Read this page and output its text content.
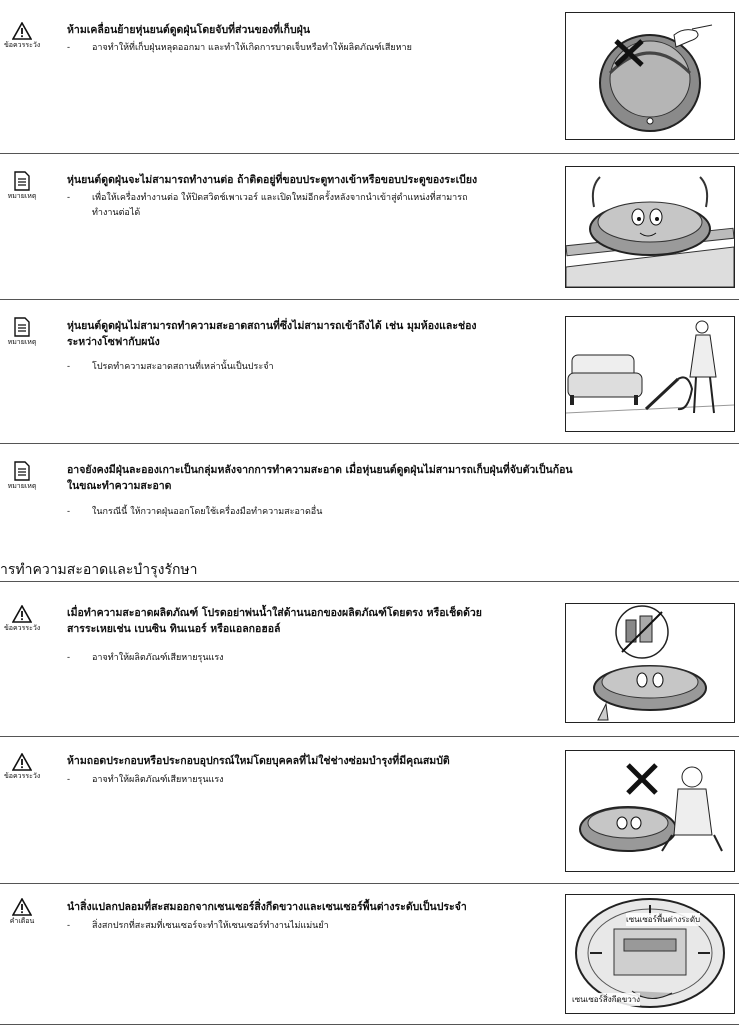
ข้อควรระวัง
ห้ามเคลื่อนย้ายหุ่นยนต์ดูดฝุ่นโดยจับที่ส่วนของที่เก็บฝุ่น
- อาจทำให้ที่เก็บฝุ่นหลุดออกมา และทำให้เกิดการบาดเจ็บหรือทำให้ผลิตภัณฑ์เสียหาย
หมายเหตุ
หุ่นยนต์ดูดฝุ่นจะไม่สามารถทำงานต่อ ถ้าติดอยู่ที่ขอบประตูทางเข้าหรือขอบประตูของระเบียง
- เพื่อให้เครื่องทำงานต่อ ให้ปิดสวิตช์เพาเวอร์ และเปิดใหม่อีกครั้งหลังจากนำเข้าสู่ตำแหน่งที่สามารถ
ทำงานต่อได้
หมายเหตุ
หุ่นยนต์ดูดฝุ่นไม่สามารถทำความสะอาดสถานที่ซึ่งไม่สามารถเข้าถึงได้ เช่น มุมห้องและช่อง
ระหว่างโซฟากับผนัง
- โปรดทำความสะอาดสถานที่เหล่านั้นเป็นประจำ
หมายเหตุ
อาจยังคงมีฝุ่นละอองเกาะเป็นกลุ่มหลังจากการทำความสะอาด เมื่อหุ่นยนต์ดูดฝุ่นไม่สามารถเก็บฝุ่นที่จับตัวเป็นก้อน
ในขณะทำความสะอาด
- ในกรณีนี้ ให้กวาดฝุ่นออกโดยใช้เครื่องมือทำความสะอาดอื่น
ารทำความสะอาดและบำรุงรักษา
ข้อควรระวัง
เมื่อทำความสะอาดผลิตภัณฑ์ โปรดอย่าพ่นน้ำใส่ด้านนอกของผลิตภัณฑ์โดยตรง หรือเช็ดด้วย
สารระเหยเช่น เบนซิน ทินเนอร์ หรือแอลกอฮอล์
- อาจทำให้ผลิตภัณฑ์เสียหายรุนแรง
ข้อควรระวัง
ห้ามถอดประกอบหรือประกอบอุปกรณ์ใหม่โดยบุคคลที่ไม่ใช่ช่างซ่อมบำรุงที่มีคุณสมบัติ
- อาจทำให้ผลิตภัณฑ์เสียหายรุนแรง
คำเตือน
นำสิ่งแปลกปลอมที่สะสมออกจากเซนเซอร์สิ่งกีดขวางและเซนเซอร์พื้นต่างระดับเป็นประจำ
- สิ่งสกปรกที่สะสมที่เซนเซอร์จะทำให้เซนเซอร์ทำงานไม่แม่นยำ
เซนเซอร์พื้นต่างระดับ
เซนเซอร์สิ่งกีดขวาง
